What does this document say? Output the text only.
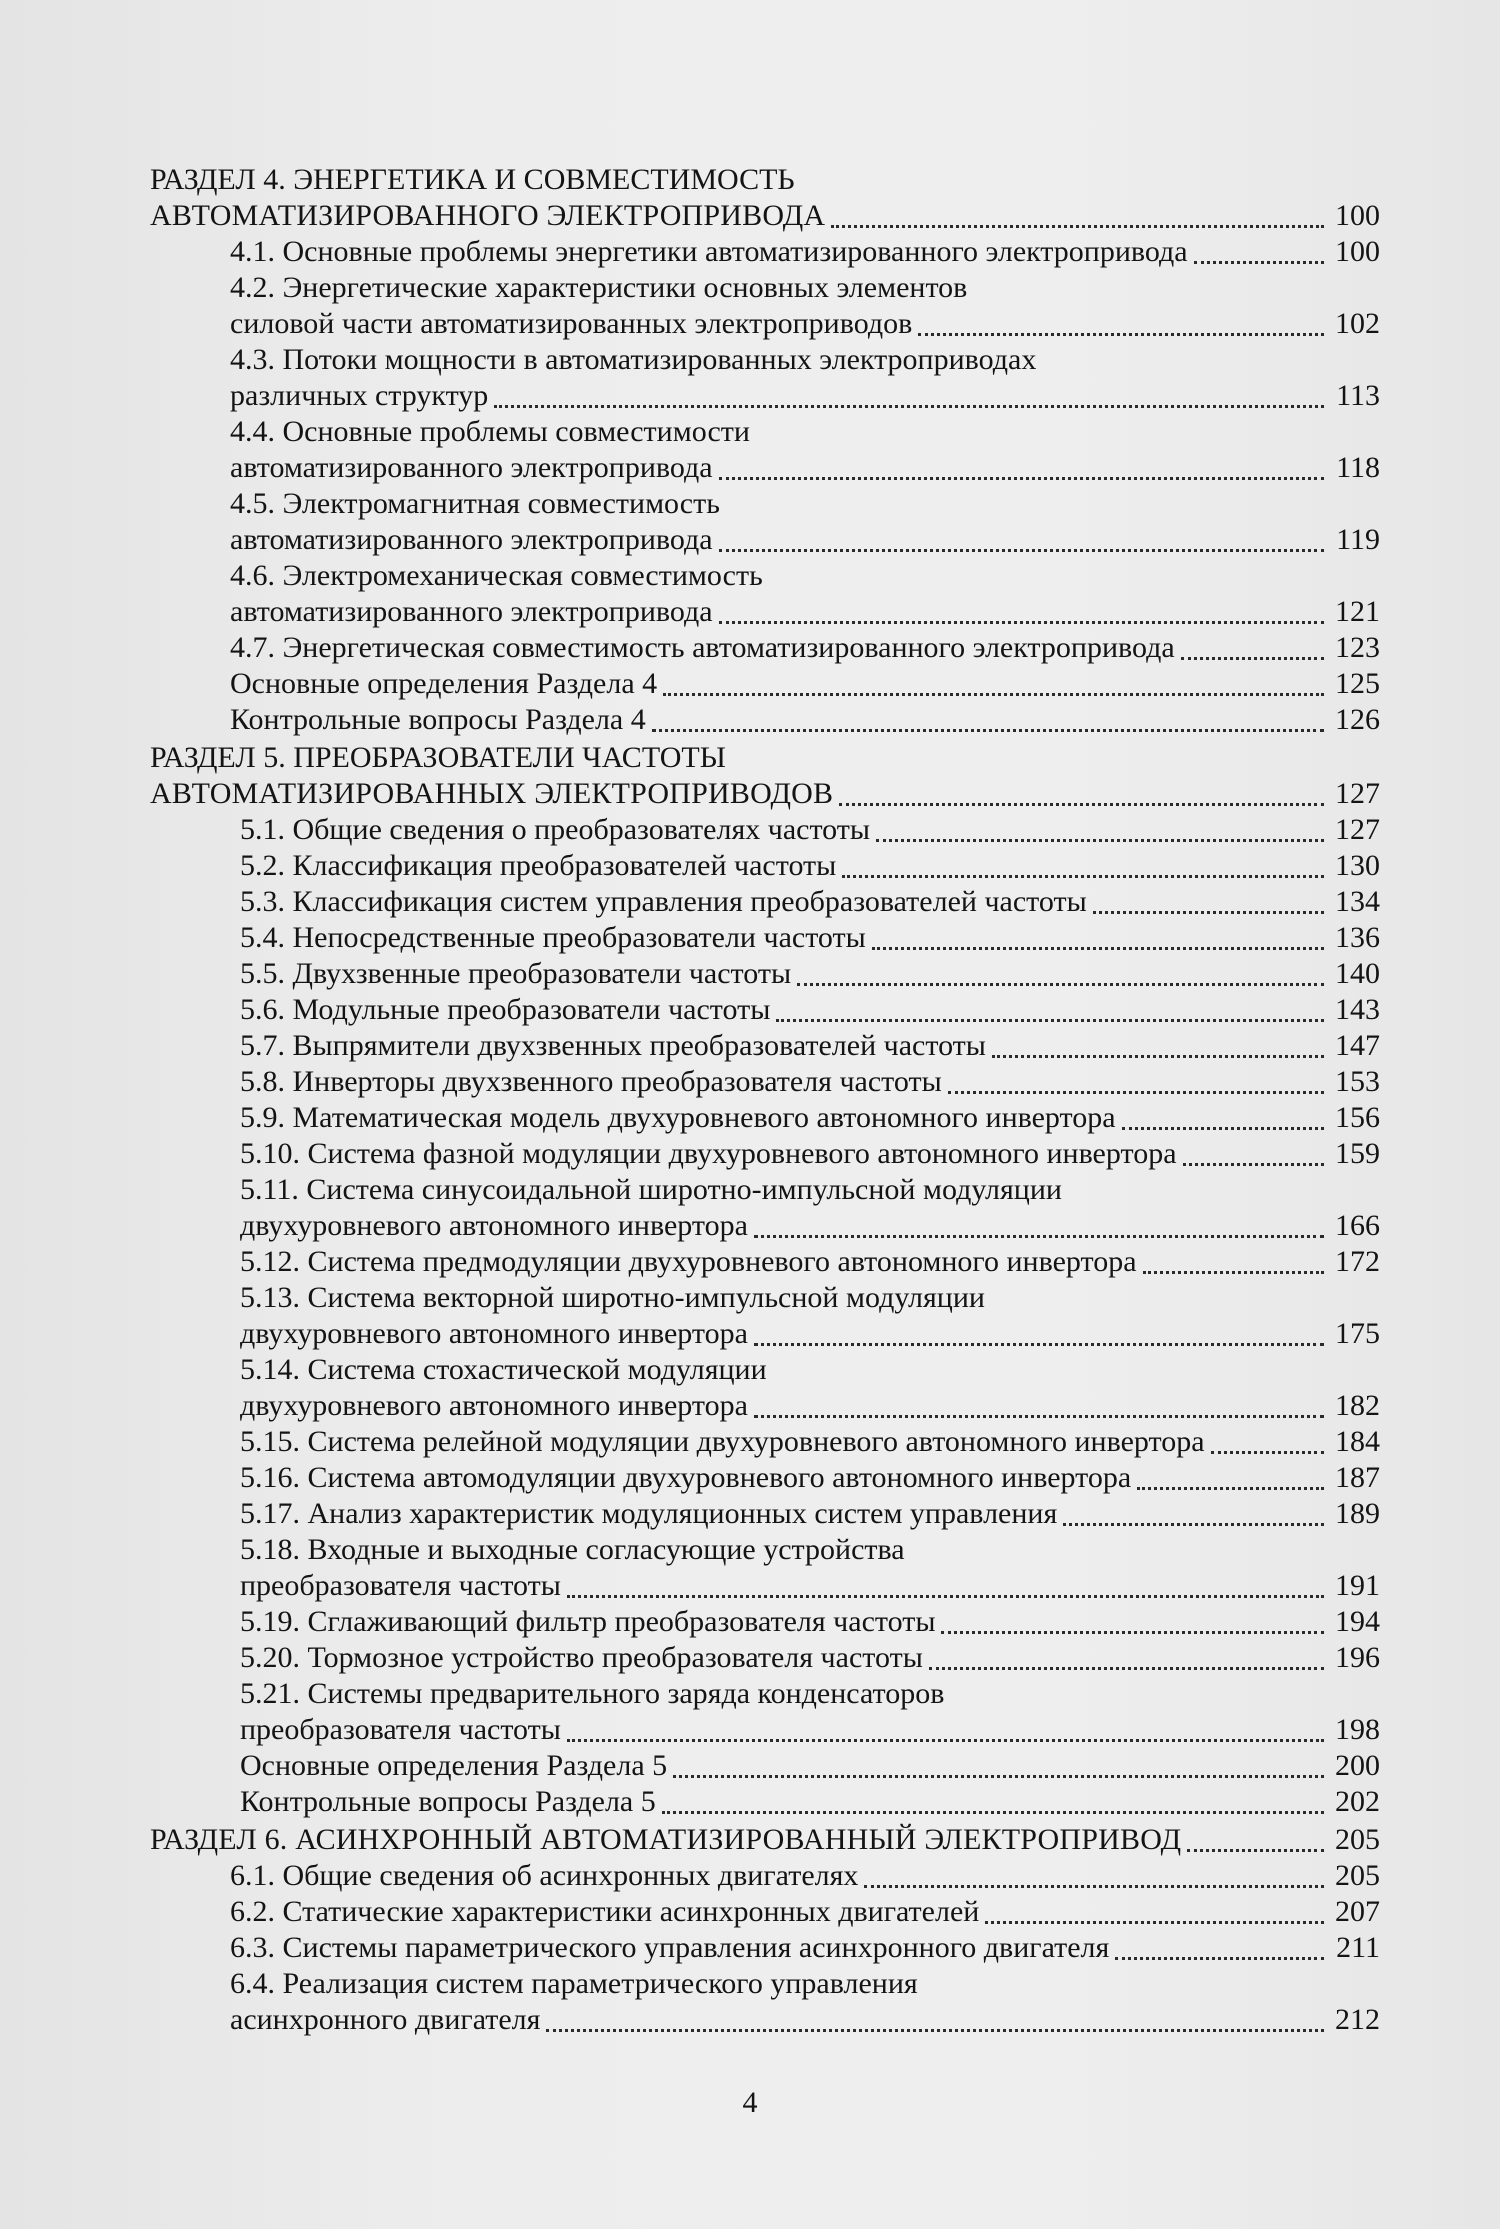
РАЗДЕЛ 4. ЭНЕРГЕТИКА И СОВМЕСТИМОСТЬ
АВТОМАТИЗИРОВАННОГО ЭЛЕКТРОПРИВОДА	100
4.1. Основные проблемы энергетики автоматизированного электропривода	100
4.2. Энергетические характеристики основных элементов
силовой части автоматизированных электроприводов	102
4.3. Потоки мощности в автоматизированных электроприводах
различных структур	113
4.4. Основные проблемы совместимости
автоматизированного электропривода	118
4.5. Электромагнитная совместимость
автоматизированного электропривода	119
4.6. Электромеханическая совместимость
автоматизированного электропривода	121
4.7. Энергетическая совместимость автоматизированного электропривода	123
Основные определения Раздела 4	125
Контрольные вопросы Раздела 4	126
РАЗДЕЛ 5. ПРЕОБРАЗОВАТЕЛИ ЧАСТОТЫ
АВТОМАТИЗИРОВАННЫХ ЭЛЕКТРОПРИВОДОВ	127
5.1. Общие сведения о преобразователях частоты	127
5.2. Классификация преобразователей частоты	130
5.3. Классификация систем управления преобразователей частоты	134
5.4. Непосредственные преобразователи частоты	136
5.5. Двухзвенные преобразователи частоты	140
5.6. Модульные преобразователи частоты	143
5.7. Выпрямители двухзвенных преобразователей частоты	147
5.8. Инверторы двухзвенного преобразователя частоты	153
5.9. Математическая модель двухуровневого автономного инвертора	156
5.10. Система фазной модуляции двухуровневого автономного инвертора	159
5.11. Система синусоидальной широтно-импульсной модуляции
двухуровневого автономного инвертора	166
5.12. Система предмодуляции двухуровневого автономного инвертора	172
5.13. Система векторной широтно-импульсной модуляции
двухуровневого автономного инвертора	175
5.14. Система стохастической модуляции
двухуровневого автономного инвертора	182
5.15. Система релейной модуляции двухуровневого автономного инвертора	184
5.16. Система автомодуляции двухуровневого автономного инвертора	187
5.17. Анализ характеристик модуляционных систем управления	189
5.18. Входные и выходные согласующие устройства
преобразователя частоты	191
5.19. Сглаживающий фильтр преобразователя частоты	194
5.20. Тормозное устройство преобразователя частоты	196
5.21. Системы предварительного заряда конденсаторов
преобразователя частоты	198
Основные определения Раздела 5	200
Контрольные вопросы Раздела 5	202
РАЗДЕЛ 6. АСИНХРОННЫЙ АВТОМАТИЗИРОВАННЫЙ ЭЛЕКТРОПРИВОД	205
6.1. Общие сведения об асинхронных двигателях	205
6.2. Статические характеристики асинхронных двигателей	207
6.3. Системы параметрического управления асинхронного двигателя	211
6.4. Реализация систем параметрического управления
асинхронного двигателя	212
4
